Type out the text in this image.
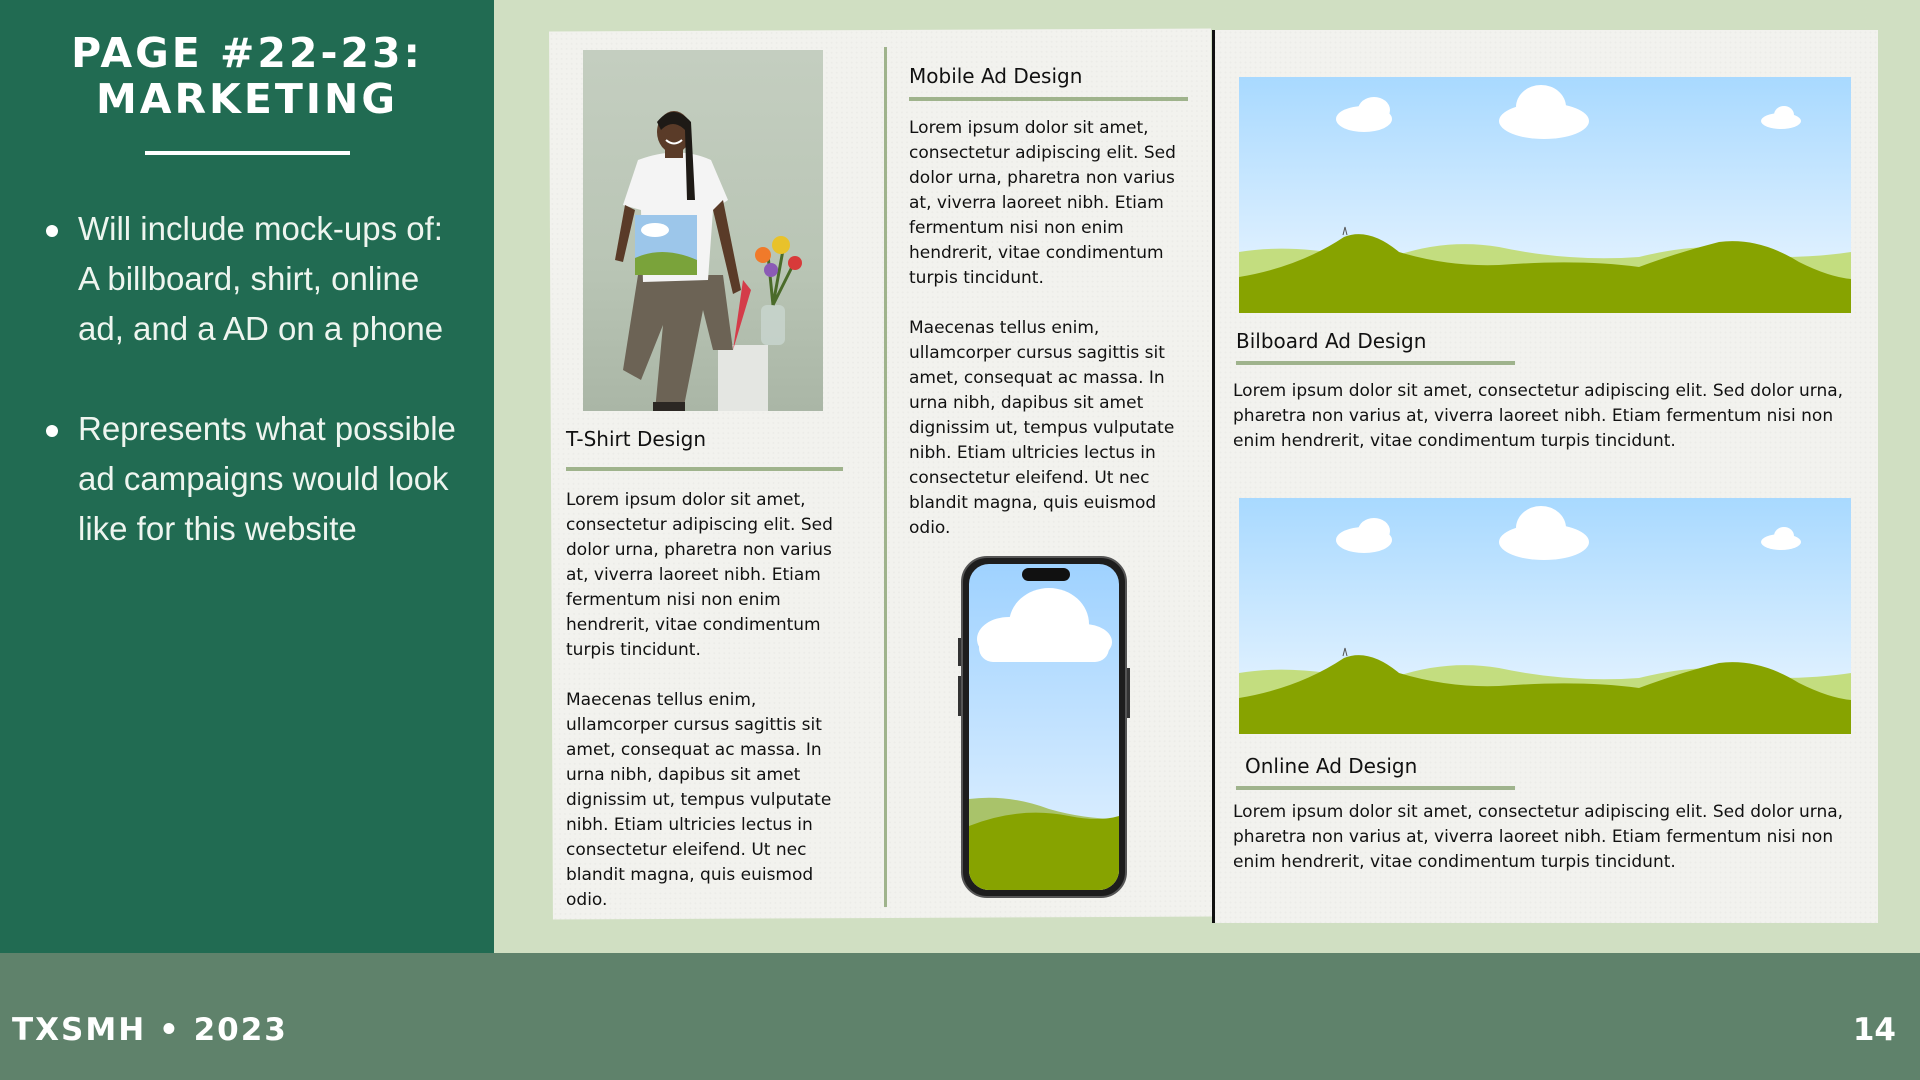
PAGE #22-23:
MARKETING
Will include mock-ups of: A billboard, shirt, online ad, and a AD on a phone
Represents what possible ad campaigns would look like for this website
TXSMH • 2023	14
T-Shirt Design

Lorem ipsum dolor sit amet, consectetur adipiscing elit. Sed dolor urna, pharetra non varius at, viverra laoreet nibh. Etiam fermentum nisi non enim hendrerit, vitae condimentum turpis tincidunt.

Maecenas tellus enim, ullamcorper cursus sagittis sit amet, consequat ac massa. In urna nibh, dapibus sit amet dignissim ut, tempus vulputate nibh. Etiam ultricies lectus in consectetur eleifend. Ut nec blandit magna, quis euismod odio.

Mobile Ad Design

Lorem ipsum dolor sit amet, consectetur adipiscing elit. Sed dolor urna, pharetra non varius at, viverra laoreet nibh. Etiam fermentum nisi non enim hendrerit, vitae condimentum turpis tincidunt.

Maecenas tellus enim, ullamcorper cursus sagittis sit amet, consequat ac massa. In urna nibh, dapibus sit amet dignissim ut, tempus vulputate nibh. Etiam ultricies lectus in consectetur eleifend. Ut nec blandit magna, quis euismod odio.

Bilboard Ad Design
Lorem ipsum dolor sit amet, consectetur adipiscing elit. Sed dolor urna, pharetra non varius at, viverra laoreet nibh. Etiam fermentum nisi non enim hendrerit, vitae condimentum turpis tincidunt.
Online Ad Design
Lorem ipsum dolor sit amet, consectetur adipiscing elit. Sed dolor urna, pharetra non varius at, viverra laoreet nibh. Etiam fermentum nisi non enim hendrerit, vitae condimentum turpis tincidunt.
